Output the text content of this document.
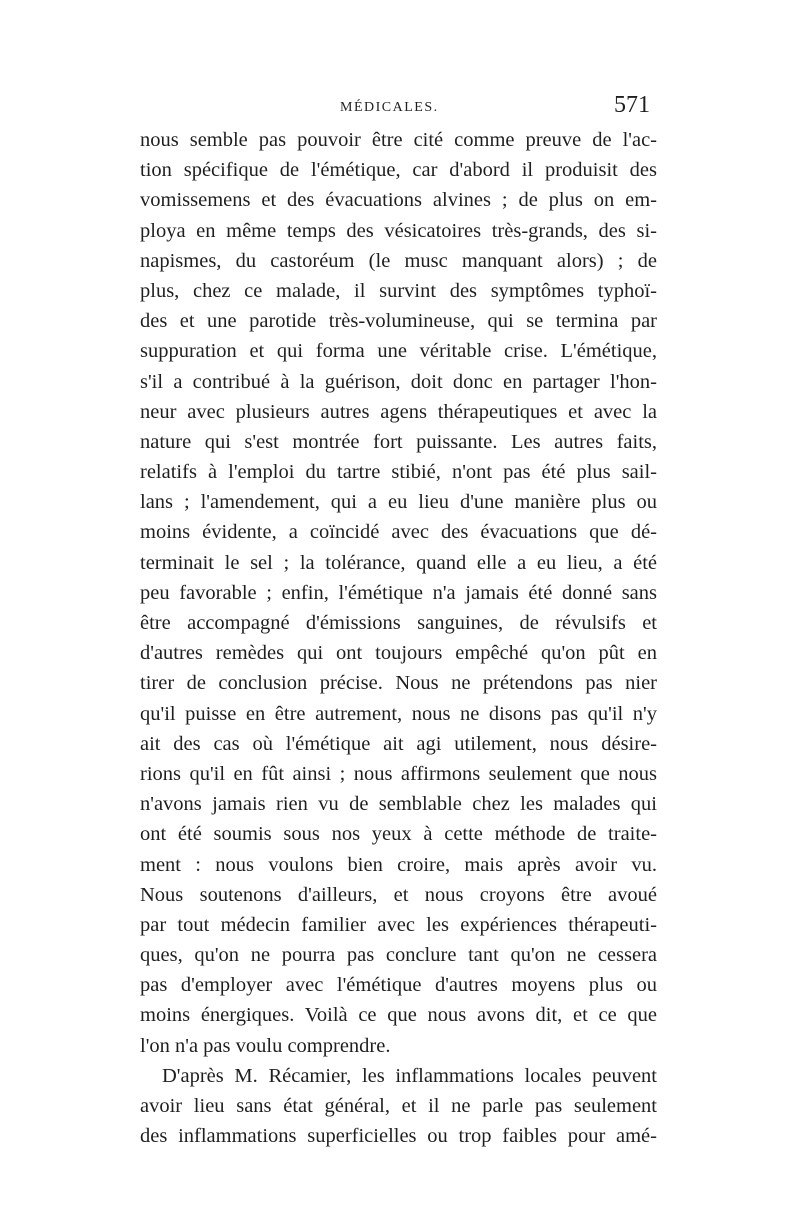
MÉDICALES.	571
nous semble pas pouvoir être cité comme preuve de l'ac-
tion spécifique de l'émétique, car d'abord il produisit des
vomissemens et des évacuations alvines ; de plus on em-
ploya en même temps des vésicatoires très-grands, des si-
napismes, du castoréum (le musc manquant alors) ; de
plus, chez ce malade, il survint des symptômes typhoï-
des et une parotide très-volumineuse, qui se termina par
suppuration et qui forma une véritable crise. L'émétique,
s'il a contribué à la guérison, doit donc en partager l'hon-
neur avec plusieurs autres agens thérapeutiques et avec la
nature qui s'est montrée fort puissante. Les autres faits,
relatifs à l'emploi du tartre stibié, n'ont pas été plus sail-
lans ; l'amendement, qui a eu lieu d'une manière plus ou
moins évidente, a coïncidé avec des évacuations que dé-
terminait le sel ; la tolérance, quand elle a eu lieu, a été
peu favorable ; enfin, l'émétique n'a jamais été donné sans
être accompagné d'émissions sanguines, de révulsifs et
d'autres remèdes qui ont toujours empêché qu'on pût en
tirer de conclusion précise. Nous ne prétendons pas nier
qu'il puisse en être autrement, nous ne disons pas qu'il n'y
ait des cas où l'émétique ait agi utilement, nous désire-
rions qu'il en fût ainsi ; nous affirmons seulement que nous
n'avons jamais rien vu de semblable chez les malades qui
ont été soumis sous nos yeux à cette méthode de traite-
ment : nous voulons bien croire, mais après avoir vu.
Nous soutenons d'ailleurs, et nous croyons être avoué
par tout médecin familier avec les expériences thérapeuti-
ques, qu'on ne pourra pas conclure tant qu'on ne cessera
pas d'employer avec l'émétique d'autres moyens plus ou
moins énergiques. Voilà ce que nous avons dit, et ce que
l'on n'a pas voulu comprendre.
D'après M. Récamier, les inflammations locales peuvent
avoir lieu sans état général, et il ne parle pas seulement
des inflammations superficielles ou trop faibles pour amé-
